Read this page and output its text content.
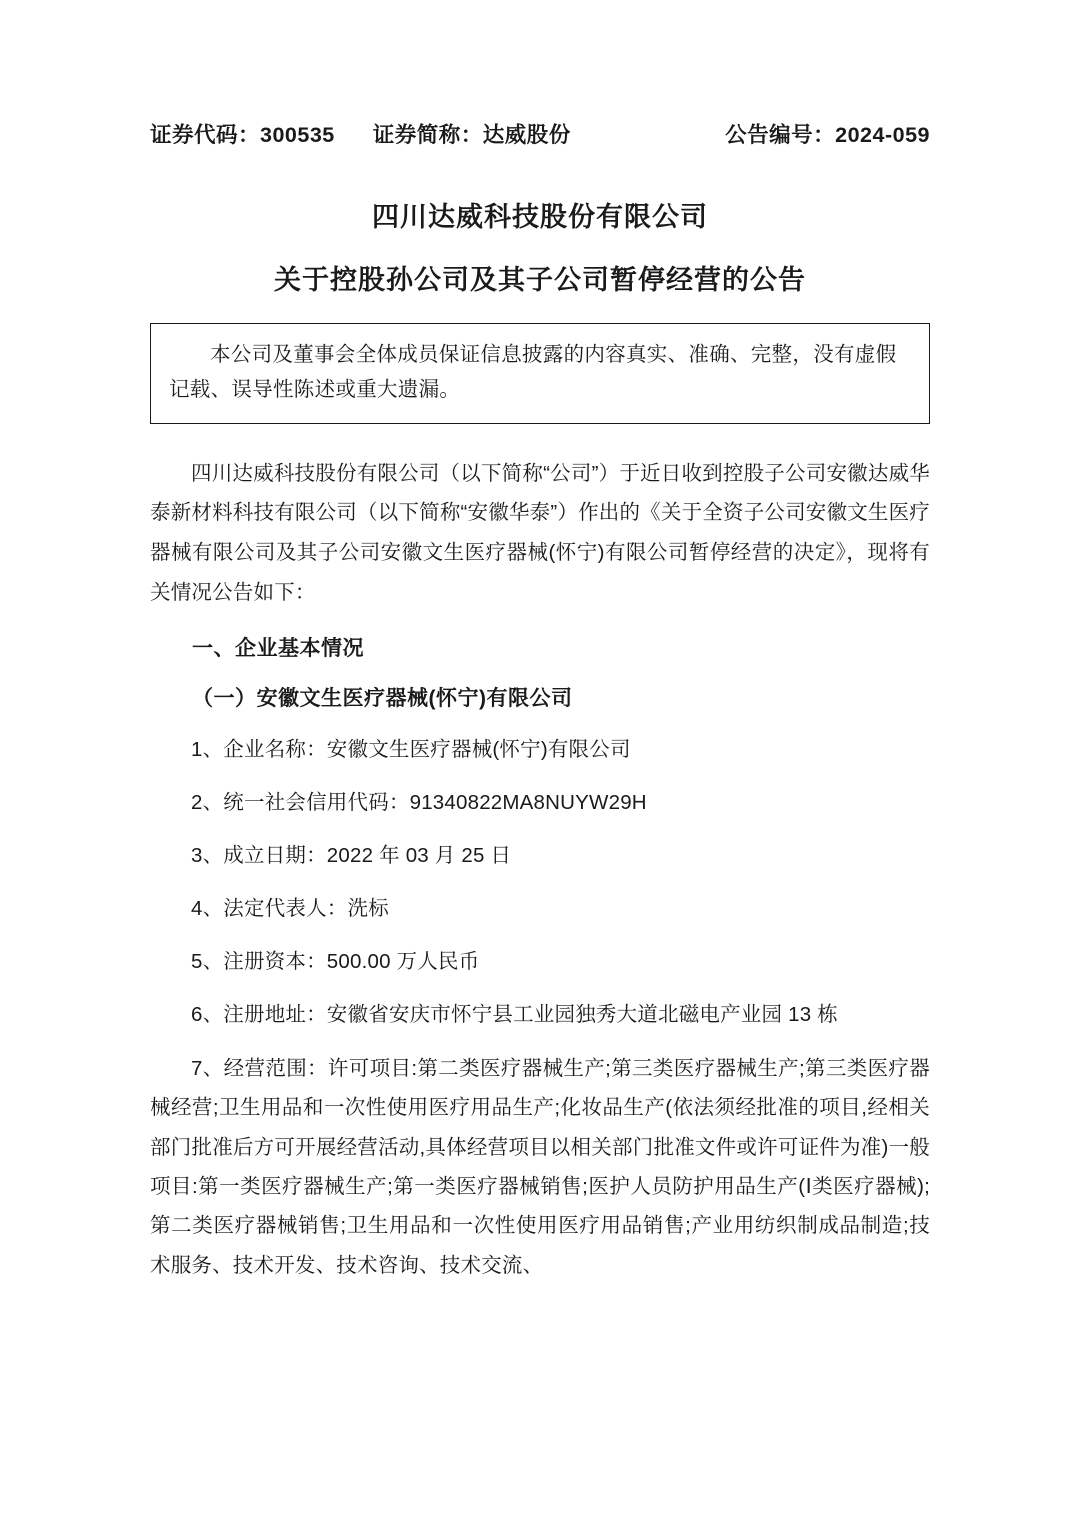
证券代码：300535 证券简称：达威股份	公告编号：2024-059
四川达威科技股份有限公司
关于控股孙公司及其子公司暂停经营的公告

本公司及董事会全体成员保证信息披露的内容真实、准确、完整，没有虚假记载、误导性陈述或重大遗漏。

四川达威科技股份有限公司（以下简称“公司”）于近日收到控股子公司安徽达威华泰新材料科技有限公司（以下简称“安徽华泰”）作出的《关于全资子公司安徽文生医疗器械有限公司及其子公司安徽文生医疗器械(怀宁)有限公司暂停经营的决定》，现将有关情况公告如下：

一、企业基本情况

（一）安徽文生医疗器械(怀宁)有限公司

1、企业名称：安徽文生医疗器械(怀宁)有限公司

2、统一社会信用代码：91340822MA8NUYW29H

3、成立日期：2022 年 03 月 25 日

4、法定代表人：洗标

5、注册资本：500.00 万人民币

6、注册地址：安徽省安庆市怀宁县工业园独秀大道北磁电产业园 13 栋

7、经营范围：许可项目:第二类医疗器械生产;第三类医疗器械生产;第三类医疗器械经营;卫生用品和一次性使用医疗用品生产;化妆品生产(依法须经批准的项目,经相关部门批准后方可开展经营活动,具体经营项目以相关部门批准文件或许可证件为准)一般项目:第一类医疗器械生产;第一类医疗器械销售;医护人员防护用品生产(Ⅰ类医疗器械);第二类医疗器械销售;卫生用品和一次性使用医疗用品销售;产业用纺织制成品制造;技术服务、技术开发、技术咨询、技术交流、
